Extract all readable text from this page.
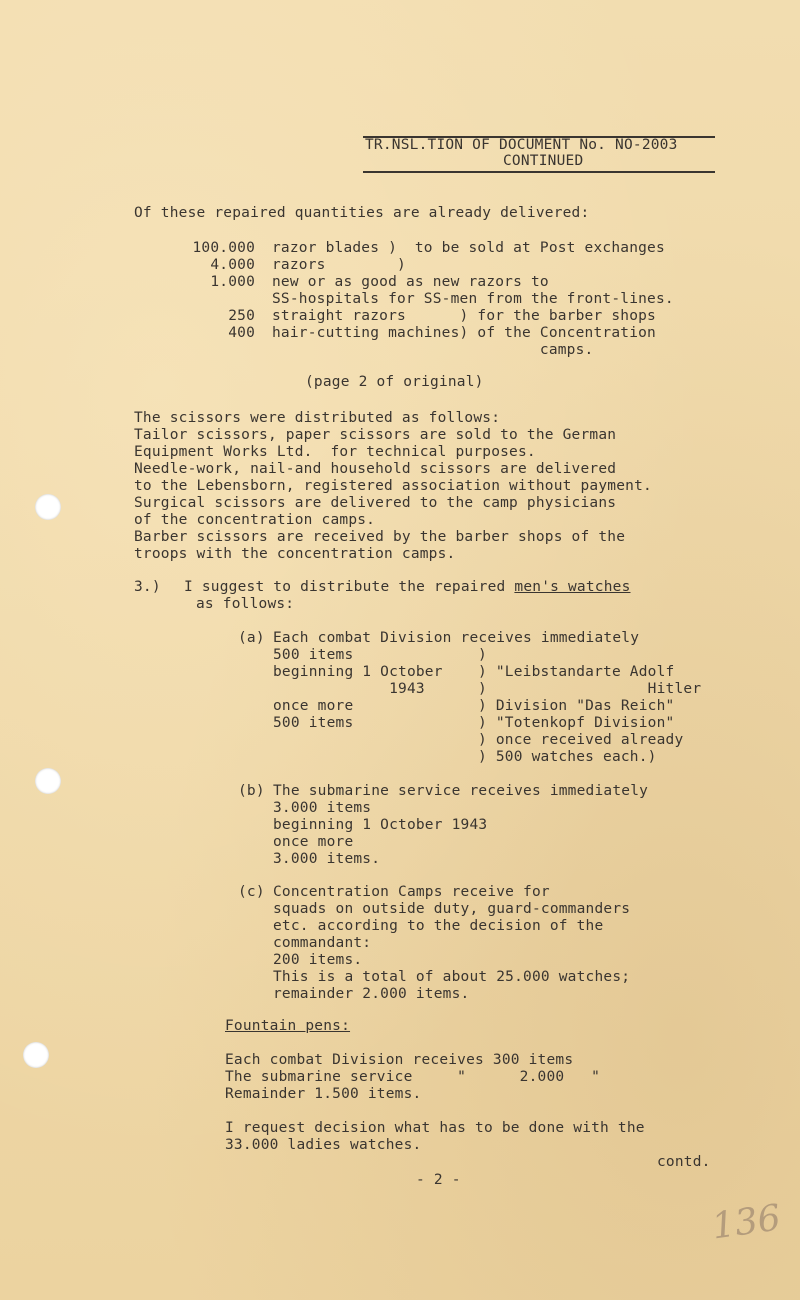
TR.NSL.TION OF DOCUMENT No. NO-2003
CONTINUED
Of these repaired quantities are already delivered:
100.000 razor blades )  to be sold at Post exchanges
4.000 razors        )
1.000 new or as good as new razors to
SS-hospitals for SS-men from the front-lines.
250 straight razors      ) for the barber shops
400 hair-cutting machines) of the Concentration
camps.
(page 2 of original)
The scissors were distributed as follows:
Tailor scissors, paper scissors are sold to the German
Equipment Works Ltd.  for technical purposes.
Needle-work, nail-and household scissors are delivered
to the Lebensborn, registered association without payment.
Surgical scissors are delivered to the camp physicians
of the concentration camps.
Barber scissors are received by the barber shops of the
troops with the concentration camps.
3.) I suggest to distribute the repaired men's watches
as follows:
(a) Each combat Division receives immediately
500 items
beginning 1 October
1943
once more
500 items
)
) "Leibstandarte Adolf
)                  Hitler
) Division "Das Reich"
) "Totenkopf Division"
) once received already
) 500 watches each.)
(b) The submarine service receives immediately
3.000 items
beginning 1 October 1943
once more
3.000 items.
(c) Concentration Camps receive for
squads on outside duty, guard-commanders
etc. according to the decision of the
commandant:
200 items.
This is a total of about 25.000 watches;
remainder 2.000 items.
Fountain pens:
Each combat Division receives 300 items
The submarine service     "      2.000   "
Remainder 1.500 items.
I request decision what has to be done with the
33.000 ladies watches.
contd.
- 2 -
136
